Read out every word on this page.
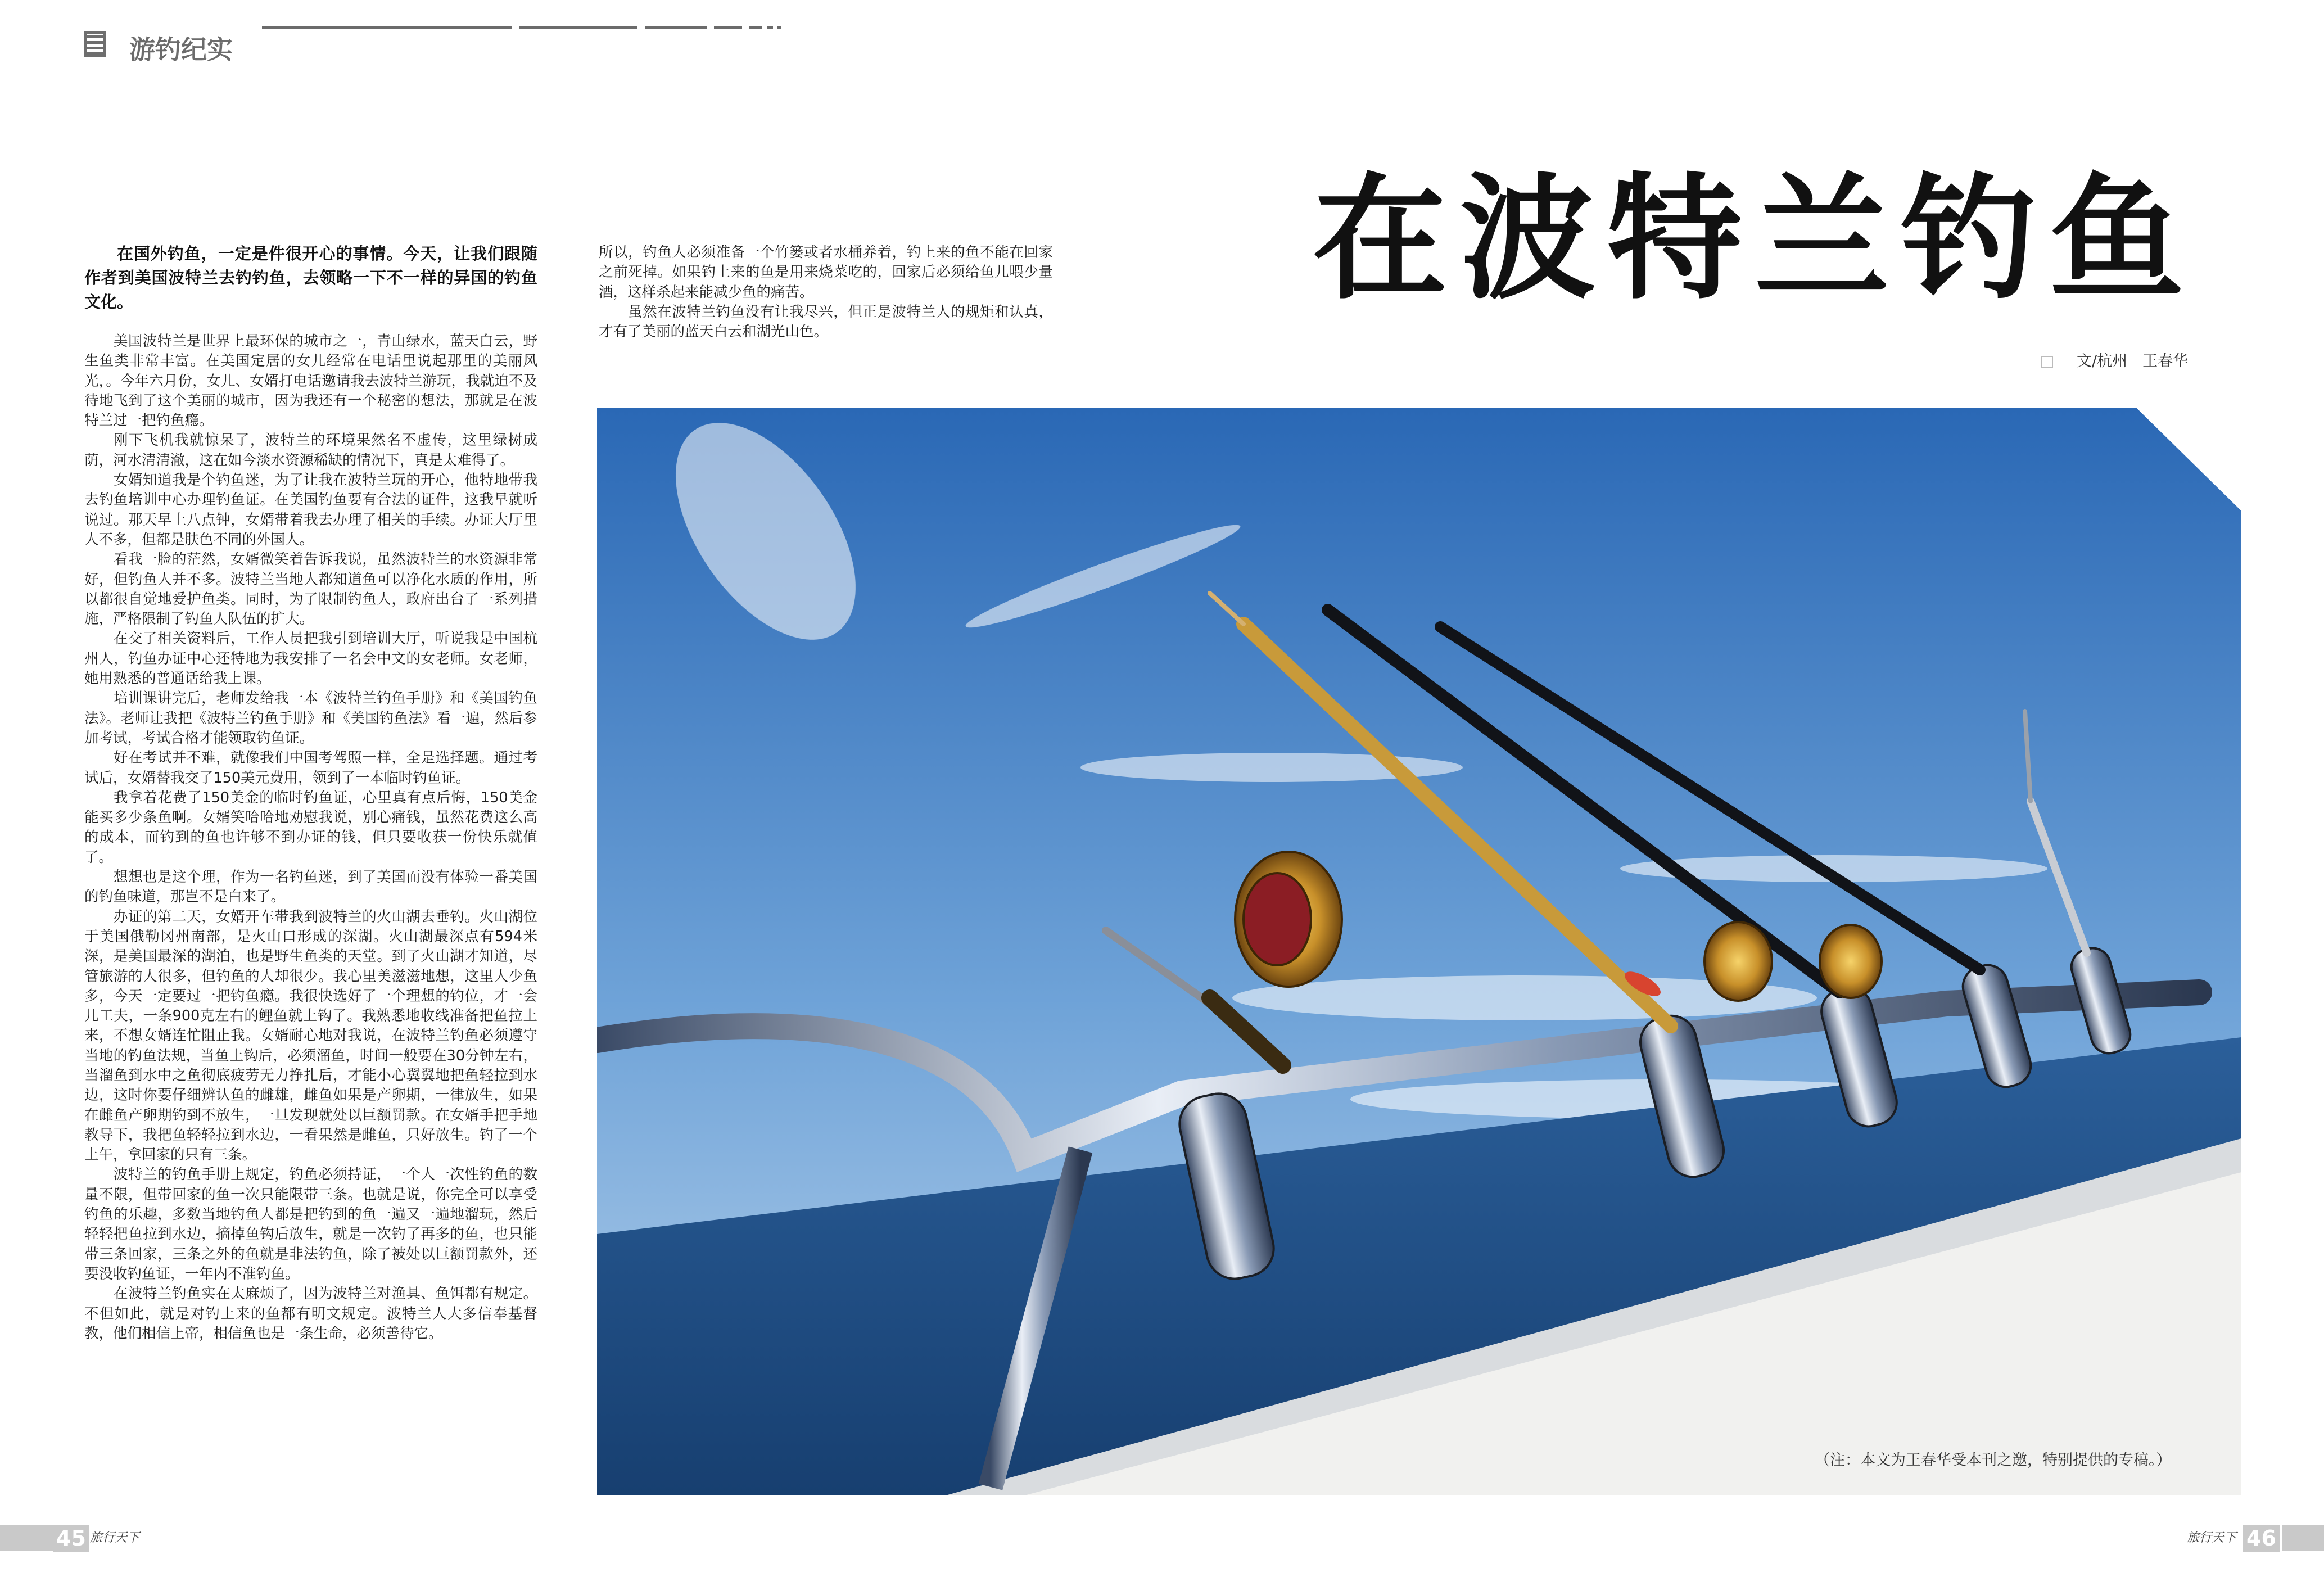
游钓纪实
在波特兰钓鱼
在国外钓鱼，一定是件很开心的事情。今天，让我们跟随作者到美国波特兰去钓钓鱼，去领略一下不一样的异国的钓鱼文化。

美国波特兰是世界上最环保的城市之一，青山绿水，蓝天白云，野生鱼类非常丰富。在美国定居的女儿经常在电话里说起那里的美丽风光，。今年六月份，女儿、女婿打电话邀请我去波特兰游玩，我就迫不及待地飞到了这个美丽的城市，因为我还有一个秘密的想法，那就是在波特兰过一把钓鱼瘾。

刚下飞机我就惊呆了，波特兰的环境果然名不虚传，这里绿树成荫，河水清清澈，这在如今淡水资源稀缺的情况下，真是太难得了。

女婿知道我是个钓鱼迷，为了让我在波特兰玩的开心，他特地带我去钓鱼培训中心办理钓鱼证。在美国钓鱼要有合法的证件，这我早就听说过。那天早上八点钟，女婿带着我去办理了相关的手续。办证大厅里人不多，但都是肤色不同的外国人。

看我一脸的茫然，女婿微笑着告诉我说，虽然波特兰的水资源非常好，但钓鱼人并不多。波特兰当地人都知道鱼可以净化水质的作用，所以都很自觉地爱护鱼类。同时，为了限制钓鱼人，政府出台了一系列措施，严格限制了钓鱼人队伍的扩大。

在交了相关资料后，工作人员把我引到培训大厅，听说我是中国杭州人，钓鱼办证中心还特地为我安排了一名会中文的女老师。女老师，她用熟悉的普通话给我上课。

培训课讲完后，老师发给我一本《波特兰钓鱼手册》和《美国钓鱼法》。老师让我把《波特兰钓鱼手册》和《美国钓鱼法》看一遍，然后参加考试，考试合格才能领取钓鱼证。

好在考试并不难，就像我们中国考驾照一样，全是选择题。通过考试后，女婿替我交了150美元费用，领到了一本临时钓鱼证。

我拿着花费了150美金的临时钓鱼证，心里真有点后悔，150美金能买多少条鱼啊。女婿笑哈哈地劝慰我说，别心痛钱，虽然花费这么高的成本，而钓到的鱼也许够不到办证的钱，但只要收获一份快乐就值了。

想想也是这个理，作为一名钓鱼迷，到了美国而没有体验一番美国的钓鱼味道，那岂不是白来了。

办证的第二天，女婿开车带我到波特兰的火山湖去垂钓。火山湖位于美国俄勒冈州南部，是火山口形成的深湖。火山湖最深点有594米深，是美国最深的湖泊，也是野生鱼类的天堂。到了火山湖才知道，尽管旅游的人很多，但钓鱼的人却很少。我心里美滋滋地想，这里人少鱼多，今天一定要过一把钓鱼瘾。我很快选好了一个理想的钓位，才一会儿工夫，一条900克左右的鲤鱼就上钩了。我熟悉地收线准备把鱼拉上来，不想女婿连忙阻止我。女婿耐心地对我说，在波特兰钓鱼必须遵守当地的钓鱼法规，当鱼上钩后，必须溜鱼，时间一般要在30分钟左右，当溜鱼到水中之鱼彻底疲劳无力挣扎后，才能小心翼翼地把鱼轻拉到水边，这时你要仔细辨认鱼的雌雄，雌鱼如果是产卵期，一律放生，如果在雌鱼产卵期钓到不放生，一旦发现就处以巨额罚款。在女婿手把手地教导下，我把鱼轻轻拉到水边，一看果然是雌鱼，只好放生。钓了一个上午，拿回家的只有三条。

波特兰的钓鱼手册上规定，钓鱼必须持证，一个人一次性钓鱼的数量不限，但带回家的鱼一次只能限带三条。也就是说，你完全可以享受钓鱼的乐趣，多数当地钓鱼人都是把钓到的鱼一遍又一遍地溜玩，然后轻轻把鱼拉到水边，摘掉鱼钩后放生，就是一次钓了再多的鱼，也只能带三条回家，三条之外的鱼就是非法钓鱼，除了被处以巨额罚款外，还要没收钓鱼证，一年内不准钓鱼。

在波特兰钓鱼实在太麻烦了，因为波特兰对渔具、鱼饵都有规定。不但如此，就是对钓上来的鱼都有明文规定。波特兰人大多信奉基督教，他们相信上帝，相信鱼也是一条生命，必须善待它。

所以，钓鱼人必须准备一个竹篓或者水桶养着，钓上来的鱼不能在回家之前死掉。如果钓上来的鱼是用来烧菜吃的，回家后必须给鱼儿喂少量酒，这样杀起来能减少鱼的痛苦。

虽然在波特兰钓鱼没有让我尽兴，但正是波特兰人的规矩和认真，才有了美丽的蓝天白云和湖光山色。

文/杭州　王春华
（注：本文为王春华受本刊之邀，特别提供的专稿。）
45 旅行天下	旅行天下 46
